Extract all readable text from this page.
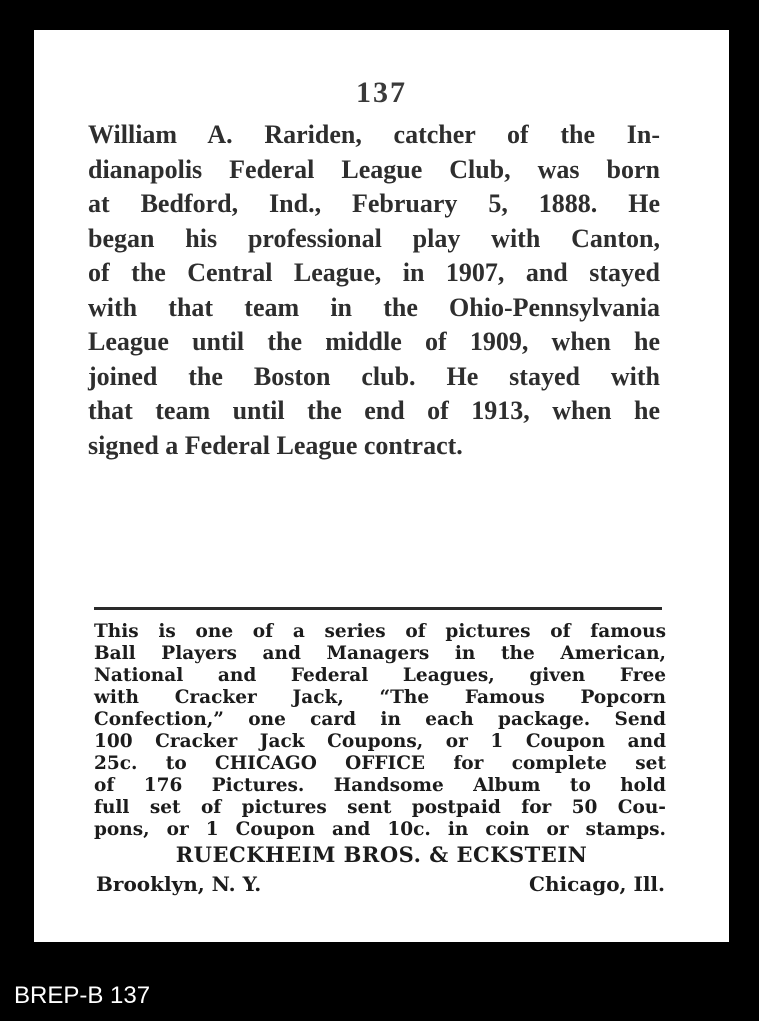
137
William A. Rariden, catcher of the In-
dianapolis Federal League Club, was born
at Bedford, Ind., February 5, 1888. He
began his professional play with Canton,
of the Central League, in 1907, and stayed
with that team in the Ohio-Pennsylvania
League until the middle of 1909, when he
joined the Boston club. He stayed with
that team until the end of 1913, when he
signed a Federal League contract.
This is one of a series of pictures of famous
Ball Players and Managers in the American,
National and Federal Leagues, given Free
with Cracker Jack, “The Famous Popcorn
Confection,” one card in each package. Send
100 Cracker Jack Coupons, or 1 Coupon and
25c. to CHICAGO OFFICE for complete set
of 176 Pictures. Handsome Album to hold
full set of pictures sent postpaid for 50 Cou-
pons, or 1 Coupon and 10c. in coin or stamps.
RUECKHEIM BROS. & ECKSTEIN
Brooklyn, N. Y.	Chicago, Ill.
BREP-B 137
